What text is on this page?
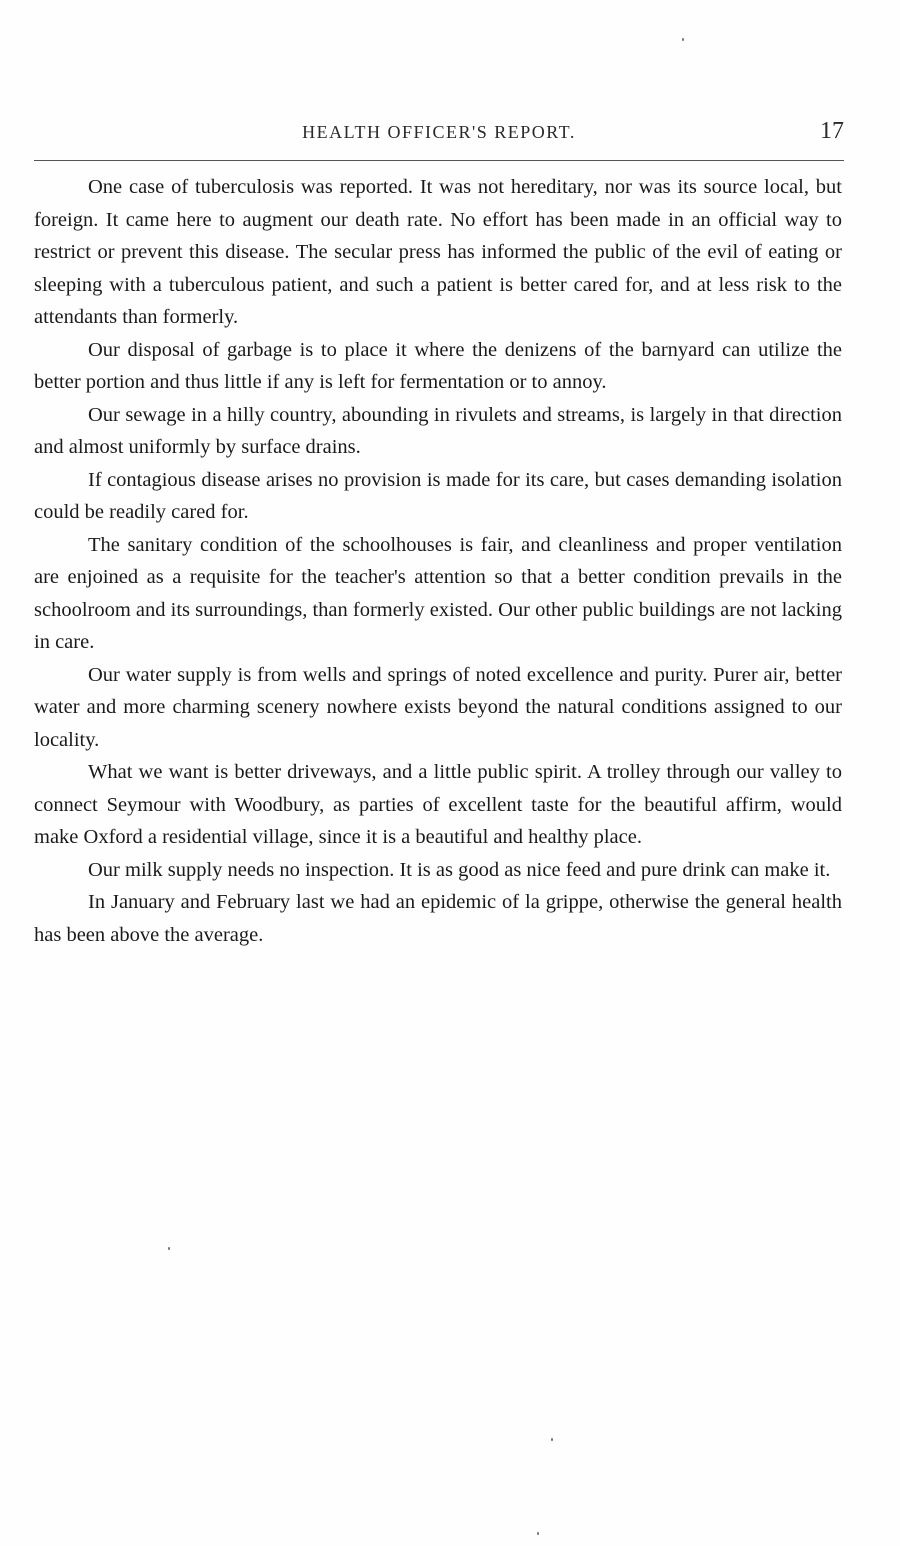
HEALTH OFFICER'S REPORT.	17

One case of tuberculosis was reported. It was not hereditary, nor was its source local, but foreign. It came here to augment our death rate. No effort has been made in an official way to restrict or prevent this disease. The secular press has informed the public of the evil of eating or sleeping with a tuberculous patient, and such a patient is better cared for, and at less risk to the attendants than formerly.

Our disposal of garbage is to place it where the denizens of the barnyard can utilize the better portion and thus little if any is left for fermentation or to annoy.

Our sewage in a hilly country, abounding in rivulets and streams, is largely in that direction and almost uniformly by surface drains.

If contagious disease arises no provision is made for its care, but cases demanding isolation could be readily cared for.

The sanitary condition of the schoolhouses is fair, and cleanliness and proper ventilation are enjoined as a requisite for the teacher's attention so that a better condition prevails in the schoolroom and its surroundings, than formerly existed. Our other public buildings are not lacking in care.

Our water supply is from wells and springs of noted excellence and purity. Purer air, better water and more charming scenery nowhere exists beyond the natural conditions assigned to our locality.

What we want is better driveways, and a little public spirit. A trolley through our valley to connect Seymour with Woodbury, as parties of excellent taste for the beautiful affirm, would make Oxford a residential village, since it is a beautiful and healthy place.

Our milk supply needs no inspection. It is as good as nice feed and pure drink can make it.

In January and February last we had an epidemic of la grippe, otherwise the general health has been above the average.
